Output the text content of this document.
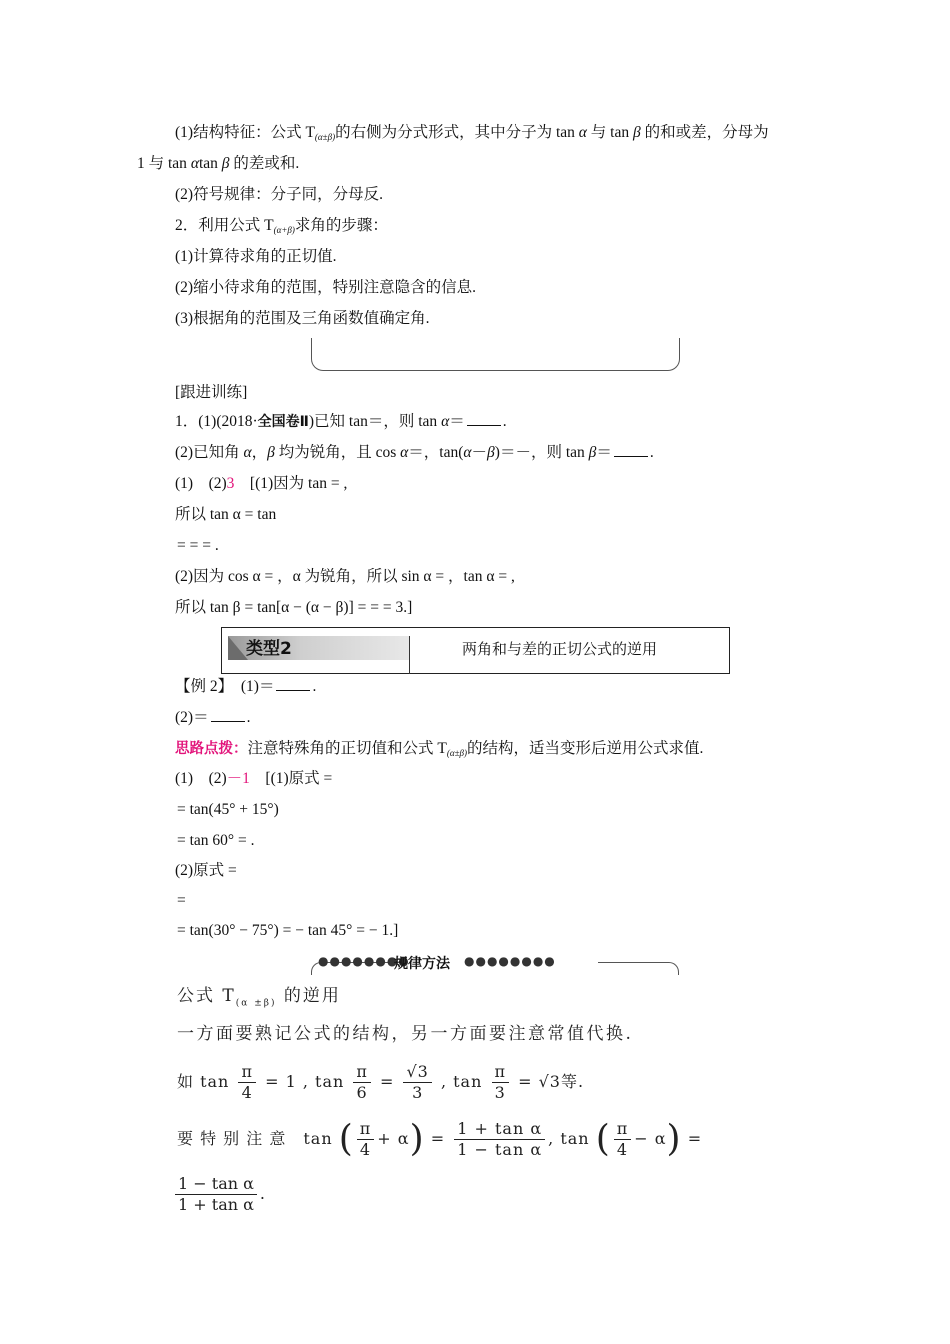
(1)结构特征：公式 $T_{(\alpha\pm\beta)}$的右侧为分式形式，其中分子为 tan α 与 tan β 的和或差，分母为
1 与 tan αtan β 的差或和.
(2)符号规律：分子同，分母反.
2．利用公式 $T_{(\alpha+\beta)}$求角的步骤：
(1)计算待求角的正切值.
(2)缩小待求角的范围，特别注意隐含的信息.
(3)根据角的范围及三角函数值确定角.
[跟进训练]
1．(1)(2018·全国卷Ⅱ)已知 tan＝，则 tan α＝ .
(2)已知角 α，β 均为锐角，且 cos α＝，tan(α－β)＝－，则 tan β＝ .
(1)　(2)3　[(1)因为 tan = ,
所以 tan α = tan
= = = .
(2)因为 cos α = ，α 为锐角，所以 sin α = ，tan α = ,
所以 tan β = tan[α − (α − β)] = = = 3.]
类型2	两角和与差的正切公式的逆用
【例 2】　(1)＝ .
(2)＝ .
思路点拨：注意特殊角的正切值和公式 $T_{(\alpha\pm\beta)}$的结构，适当变形后逆用公式求值.
(1)　(2)－1　[(1)原式 =
= tan(45° + 15°)
= tan 60° = .
(2)原式 =
=
= tan(30° − 75°) = − tan 45° = − 1.]
●●●●●●●●
规律方法 ●●●●●●●●
公式 $T_{(\alpha \pm\beta)}$ 的逆用
一方面要熟记公式的结构，另一方面要注意常值代换.
如 $\tan \frac{\pi}{4} = 1$ , $\tan \frac{\pi}{6} = \frac{√3}{3}$ , $\tan \frac{\pi}{3} = √3$等.
要 特 别 注 意　tan ( $\frac{\pi}{4} + \alpha) = \frac{\text{1 + tan α}}{\text{1 − tan α}}$ , tan ( $\frac{\pi}{4} - \alpha$) =
$\frac{\text{1 − tan α}}{\text{1 + tan α}}$ .
